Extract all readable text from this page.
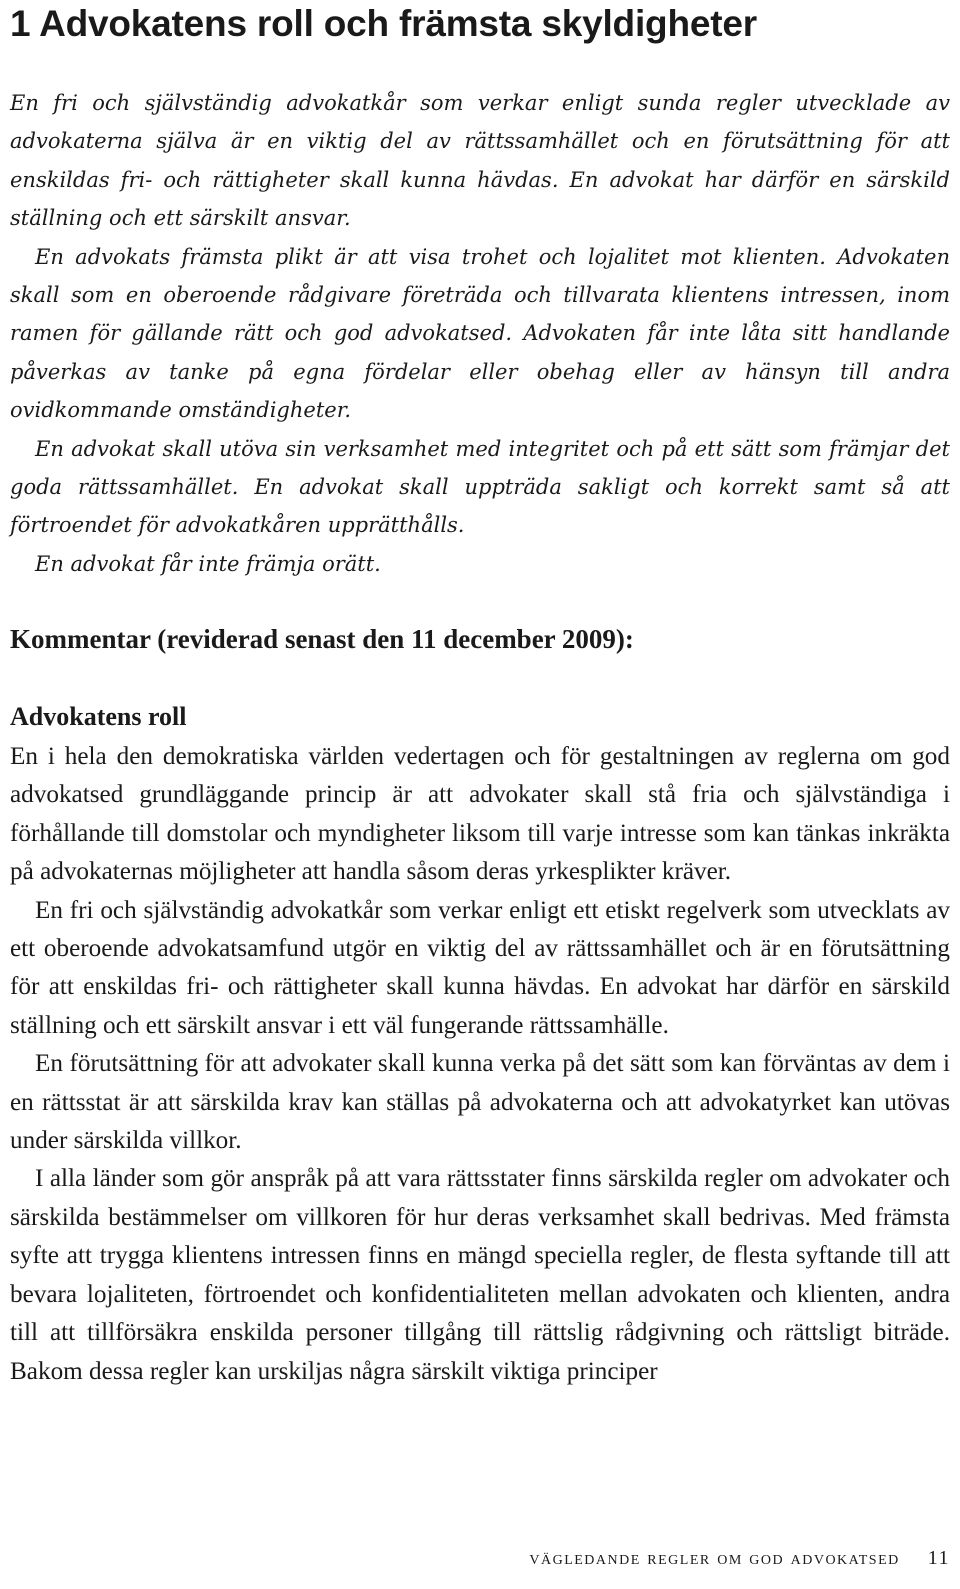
1 Advokatens roll och främsta skyldigheter

En fri och självständig advokatkår som verkar enligt sunda regler utvecklade av advokaterna själva är en viktig del av rättssamhället och en förutsättning för att enskildas fri- och rättigheter skall kunna hävdas. En advokat har därför en särskild ställning och ett särskilt ansvar.

En advokats främsta plikt är att visa trohet och lojalitet mot klienten. Advokaten skall som en oberoende rådgivare företräda och tillvarata klientens intressen, inom ramen för gällande rätt och god advokatsed. Advokaten får inte låta sitt handlande påverkas av tanke på egna fördelar eller obehag eller av hänsyn till andra ovidkommande omständigheter.

En advokat skall utöva sin verksamhet med integritet och på ett sätt som främjar det goda rättssamhället. En advokat skall uppträda sakligt och korrekt samt så att förtroendet för advokatkåren upprätthålls.

En advokat får inte främja orätt.

Kommentar (reviderad senast den 11 december 2009):
Advokatens roll

En i hela den demokratiska världen vedertagen och för gestaltningen av reglerna om god advokatsed grundläggande princip är att advokater skall stå fria och självständiga i förhållande till domstolar och myndigheter liksom till varje intresse som kan tänkas inkräkta på advokaternas möjligheter att handla såsom deras yrkesplikter kräver.

En fri och självständig advokatkår som verkar enligt ett etiskt regelverk som utvecklats av ett oberoende advokatsamfund utgör en viktig del av rättssamhället och är en förutsättning för att enskildas fri- och rättigheter skall kunna hävdas. En advokat har därför en särskild ställning och ett särskilt ansvar i ett väl fungerande rättssamhälle.

En förutsättning för att advokater skall kunna verka på det sätt som kan förväntas av dem i en rättsstat är att särskilda krav kan ställas på advokaterna och att advokatyrket kan utövas under särskilda villkor.

I alla länder som gör anspråk på att vara rättsstater finns särskilda regler om advokater och särskilda bestämmelser om villkoren för hur deras verksamhet skall bedrivas. Med främsta syfte att trygga klientens intressen finns en mängd speciella regler, de flesta syftande till att bevara lojaliteten, förtroendet och konfidentialiteten mellan advokaten och klienten, andra till att tillförsäkra enskilda personer tillgång till rättslig rådgivning och rättsligt biträde. Bakom dessa regler kan urskiljas några särskilt viktiga principer

vägledande regler om god advokatsed 11
